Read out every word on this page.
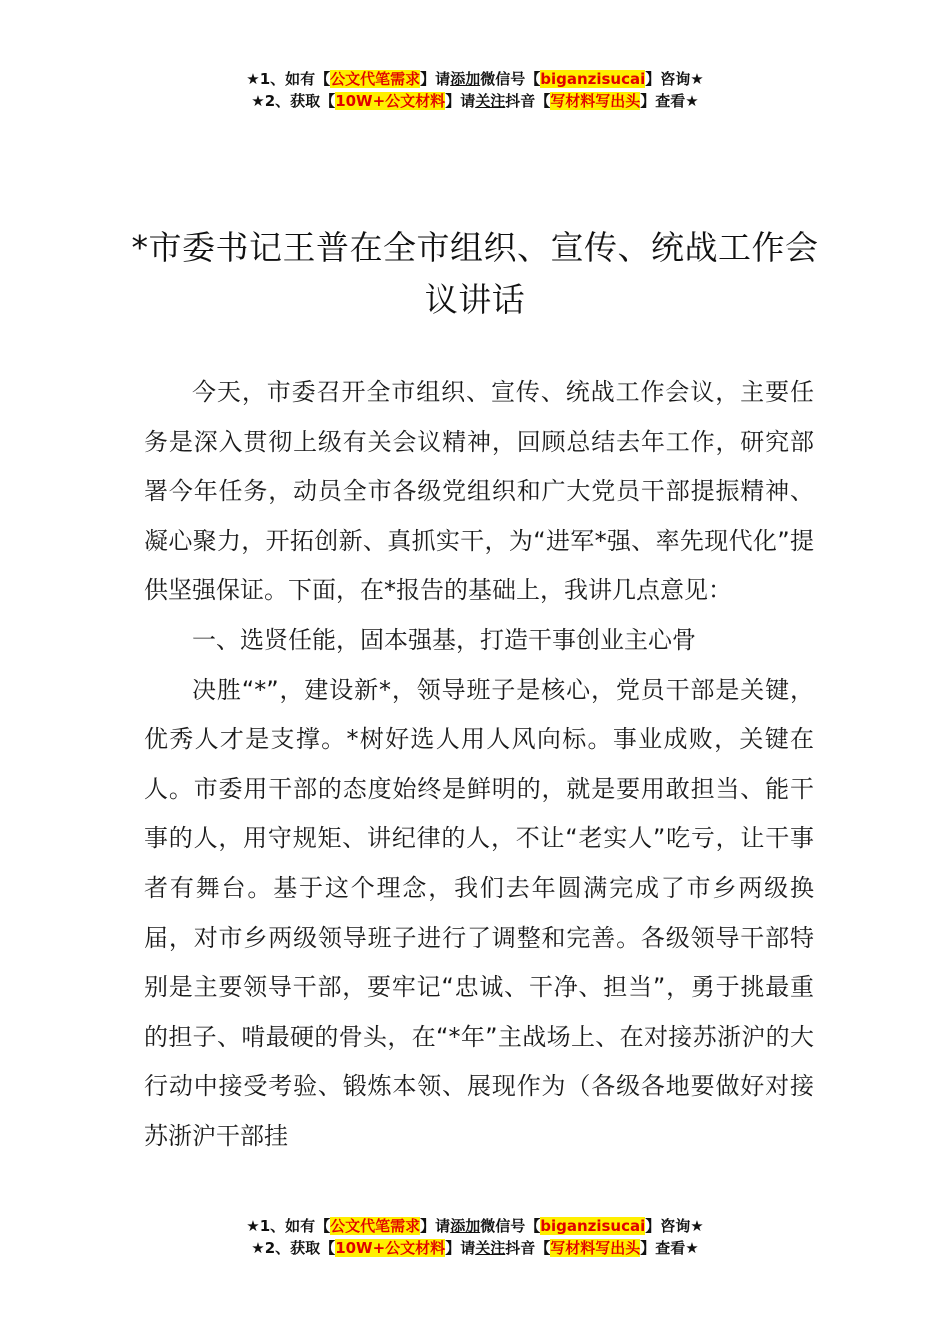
★1、如有【公文代笔需求】请添加微信号【biganzisucai】咨询★
★2、获取【10W+公文材料】请关注抖音【写材料写出头】查看★
*市委书记王普在全市组织、宣传、统战工作会议讲话

今天，市委召开全市组织、宣传、统战工作会议，主要任务是深入贯彻上级有关会议精神，回顾总结去年工作，研究部署今年任务，动员全市各级党组织和广大党员干部提振精神、凝心聚力，开拓创新、真抓实干，为“进军*强、率先现代化”提供坚强保证。下面，在*报告的基础上，我讲几点意见：

一、选贤任能，固本强基，打造干事创业主心骨

决胜“*”，建设新*，领导班子是核心，党员干部是关键，优秀人才是支撑。*树好选人用人风向标。事业成败，关键在人。市委用干部的态度始终是鲜明的，就是要用敢担当、能干事的人，用守规矩、讲纪律的人，不让“老实人”吃亏，让干事者有舞台。基于这个理念，我们去年圆满完成了市乡两级换届，对市乡两级领导班子进行了调整和完善。各级领导干部特别是主要领导干部，要牢记“忠诚、干净、担当”，勇于挑最重的担子、啃最硬的骨头，在“*年”主战场上、在对接苏浙沪的大行动中接受考验、锻炼本领、展现作为（各级各地要做好对接苏浙沪干部挂

★1、如有【公文代笔需求】请添加微信号【biganzisucai】咨询★
★2、获取【10W+公文材料】请关注抖音【写材料写出头】查看★
